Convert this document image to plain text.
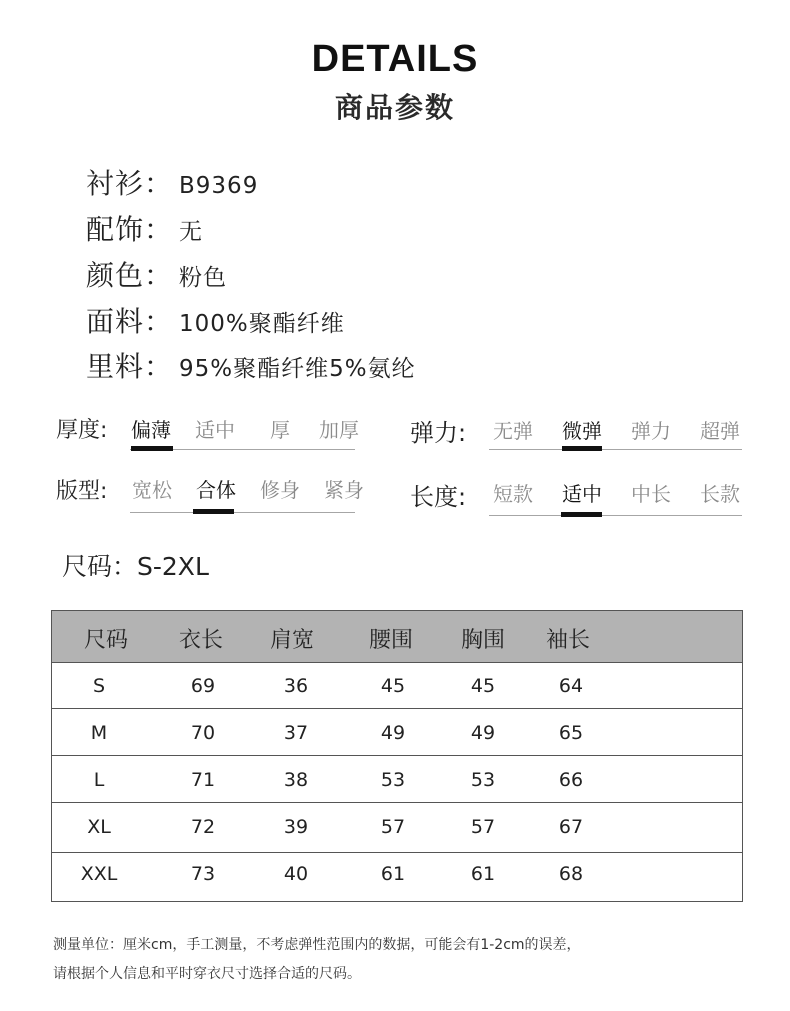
DETAILS
商品参数
衬衫： B9369
配饰： 无
颜色： 粉色
面料： 100%聚酯纤维
里料： 95%聚酯纤维5%氨纶
厚度: 偏薄 适中	厚	加厚 弹力: 无弹 微弹 弹力 超弹
版型: 宽松 合体 修身 紧身 长度: 短款 适中 中长 长款
尺码：S-2XL
尺码 衣长 肩宽 腰围 胸围 袖长
S	69	36	45	45	64
M	70	37	49	49	65
L	71	38	53	53	66
XL	72	39	57	57	67
XXL	73	40	61	61	68
测量单位：厘米cm，手工测量，不考虑弹性范围内的数据，可能会有1-2cm的误差，
请根据个人信息和平时穿衣尺寸选择合适的尺码。
